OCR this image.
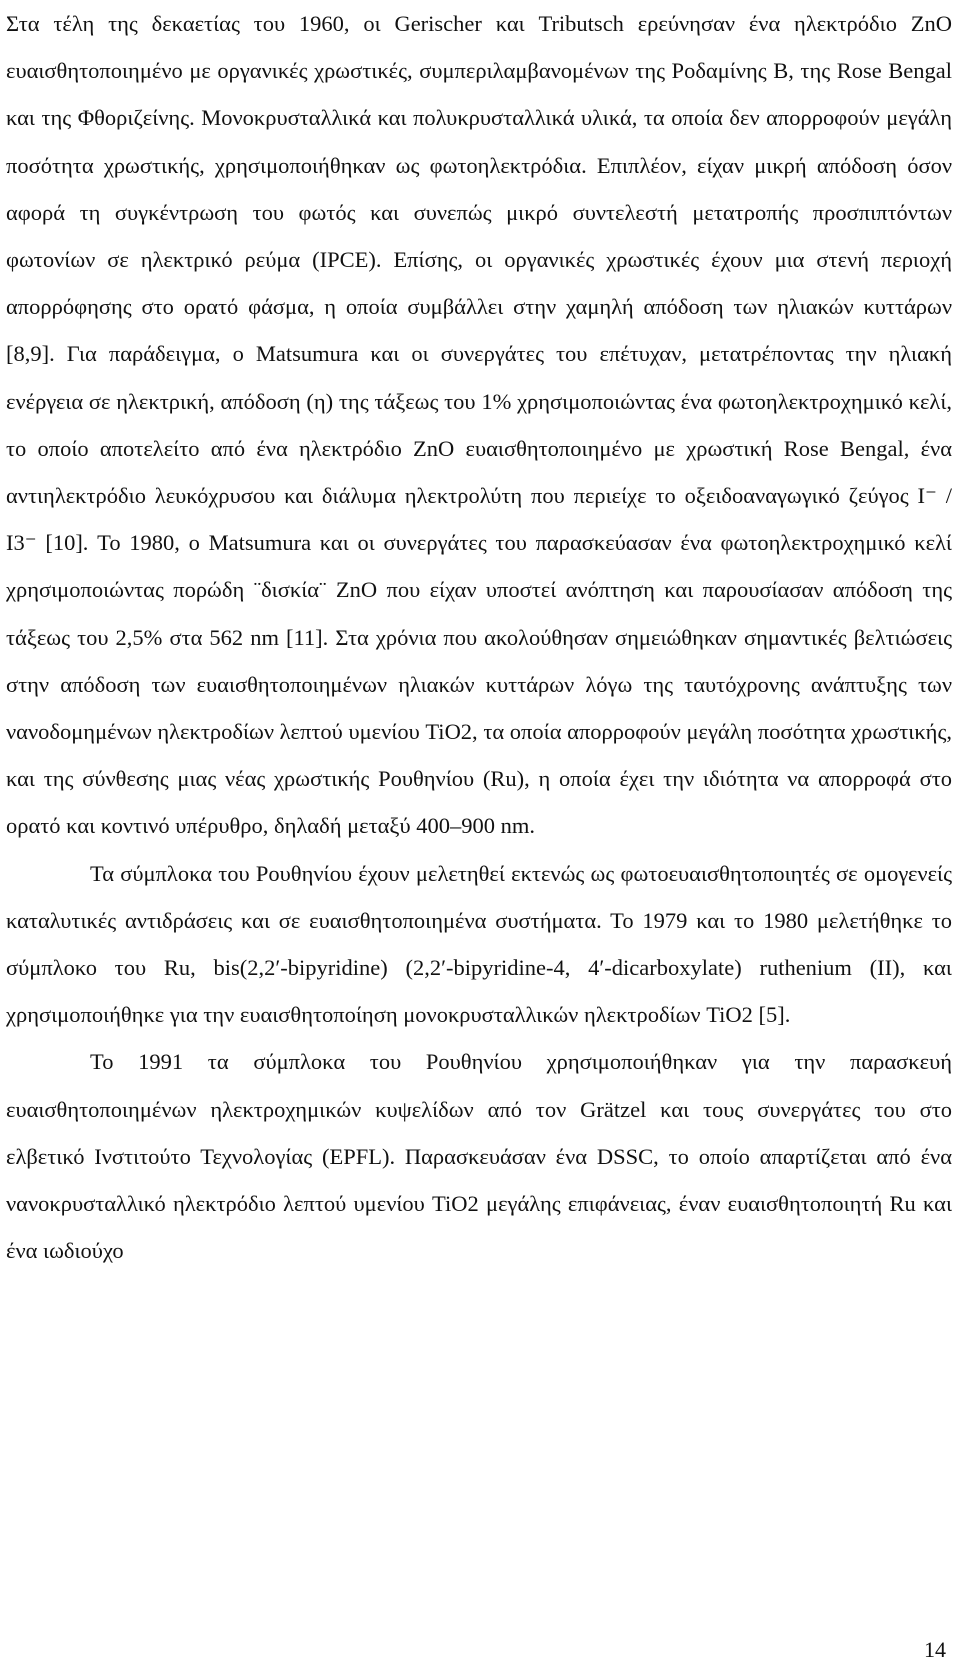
Στα τέλη της δεκαετίας του 1960, οι Gerischer και Tributsch ερεύνησαν ένα ηλεκτρόδιο ZnO ευαισθητοποιημένο με οργανικές χρωστικές, συμπεριλαμβανομένων της Ροδαμίνης Β, της Rose Bengal και της Φθοριζείνης. Μονοκρυσταλλικά και πολυκρυσταλλικά υλικά, τα οποία δεν απορροφούν μεγάλη ποσότητα χρωστικής, χρησιμοποιήθηκαν ως φωτοηλεκτρόδια. Επιπλέον, είχαν μικρή απόδοση όσον αφορά τη συγκέντρωση του φωτός και συνεπώς μικρό συντελεστή μετατροπής προσπιπτόντων φωτονίων σε ηλεκτρικό ρεύμα (IPCE). Επίσης, οι οργανικές χρωστικές έχουν μια στενή περιοχή απορρόφησης στο ορατό φάσμα, η οποία συμβάλλει στην χαμηλή απόδοση των ηλιακών κυττάρων [8,9]. Για παράδειγμα, ο Matsumura και οι συνεργάτες του επέτυχαν, μετατρέποντας την ηλιακή ενέργεια σε ηλεκτρική, απόδοση (η) της τάξεως του 1% χρησιμοποιώντας ένα φωτοηλεκτροχημικό κελί, το οποίο αποτελείτο από ένα ηλεκτρόδιο ZnO ευαισθητοποιημένο με χρωστική Rose Bengal, ένα αντιηλεκτρόδιο λευκόχρυσου και διάλυμα ηλεκτρολύτη που περιείχε το οξειδοαναγωγικό ζεύγος I⁻ / I3⁻ [10]. Το 1980, ο Matsumura και οι συνεργάτες του παρασκεύασαν ένα φωτοηλεκτροχημικό κελί χρησιμοποιώντας πορώδη ¨δισκία¨ ZnO που είχαν υποστεί ανόπτηση και παρουσίασαν απόδοση της τάξεως του 2,5% στα 562 nm [11]. Στα χρόνια που ακολούθησαν σημειώθηκαν σημαντικές βελτιώσεις στην απόδοση των ευαισθητοποιημένων ηλιακών κυττάρων λόγω της ταυτόχρονης ανάπτυξης των νανοδομημένων ηλεκτροδίων λεπτού υμενίου TiO2, τα οποία απορροφούν μεγάλη ποσότητα χρωστικής, και της σύνθεσης μιας νέας χρωστικής Ρουθηνίου (Ru), η οποία έχει την ιδιότητα να απορροφά στο ορατό και κοντινό υπέρυθρο, δηλαδή μεταξύ 400–900 nm.

Τα σύμπλοκα του Ρουθηνίου έχουν μελετηθεί εκτενώς ως φωτοευαισθητοποιητές σε ομογενείς καταλυτικές αντιδράσεις και σε ευαισθητοποιημένα συστήματα. Το 1979 και το 1980 μελετήθηκε το σύμπλοκο του Ru, bis(2,2′-bipyridine) (2,2′-bipyridine-4, 4′-dicarboxylate) ruthenium (II), και χρησιμοποιήθηκε για την ευαισθητοποίηση μονοκρυσταλλικών ηλεκτροδίων TiO2 [5].

Το 1991 τα σύμπλοκα του Ρουθηνίου χρησιμοποιήθηκαν για την παρασκευή ευαισθητοποιημένων ηλεκτροχημικών κυψελίδων από τον Grätzel και τους συνεργάτες του στο ελβετικό Ινστιτούτο Τεχνολογίας (EPFL). Παρασκευάσαν ένα DSSC, το οποίο απαρτίζεται από ένα νανοκρυσταλλικό ηλεκτρόδιο λεπτού υμενίου TiO2 μεγάλης επιφάνειας, έναν ευαισθητοποιητή Ru και ένα ιωδιούχο

14
